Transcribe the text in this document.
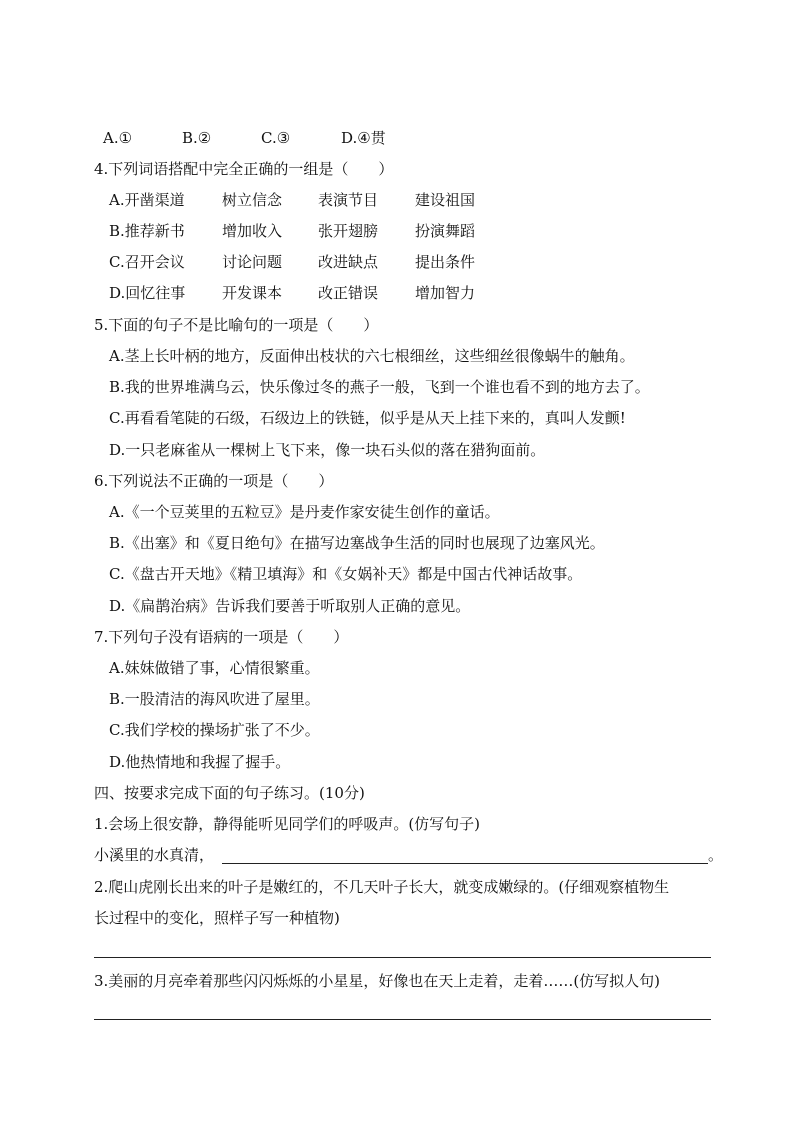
A.①	B.②	C.③	D.④贯
4.下列词语搭配中完全正确的一组是（　　）
A.开凿渠道 树立信念 表演节目 建设祖国
B.推荐新书 增加收入 张开翅膀 扮演舞蹈
C.召开会议 讨论问题 改进缺点 提出条件
D.回忆往事 开发课本 改正错误 增加智力
5.下面的句子不是比喻句的一项是（　　）
A.茎上长叶柄的地方，反面伸出枝状的六七根细丝，这些细丝很像蜗牛的触角。
B.我的世界堆满乌云，快乐像过冬的燕子一般，飞到一个谁也看不到的地方去了。
C.再看看笔陡的石级，石级边上的铁链，似乎是从天上挂下来的，真叫人发颤!
D.一只老麻雀从一棵树上飞下来，像一块石头似的落在猎狗面前。
6.下列说法不正确的一项是（　　）
A.《一个豆荚里的五粒豆》是丹麦作家安徒生创作的童话。
B.《出塞》和《夏日绝句》在描写边塞战争生活的同时也展现了边塞风光。
C.《盘古开天地》《精卫填海》和《女娲补天》都是中国古代神话故事。
D.《扁鹊治病》告诉我们要善于听取别人正确的意见。
7.下列句子没有语病的一项是（　　）
A.妹妹做错了事，心情很繁重。
B.一股清洁的海风吹进了屋里。
C.我们学校的操场扩张了不少。
D.他热情地和我握了握手。
四、按要求完成下面的句子练习。(10分)
1.会场上很安静，静得能听见同学们的呼吸声。(仿写句子)
小溪里的水真清，	。
2.爬山虎刚长出来的叶子是嫩红的，不几天叶子长大，就变成嫩绿的。(仔细观察植物生
长过程中的变化，照样子写一种植物)
3.美丽的月亮牵着那些闪闪烁烁的小星星，好像也在天上走着，走着……(仿写拟人句)
